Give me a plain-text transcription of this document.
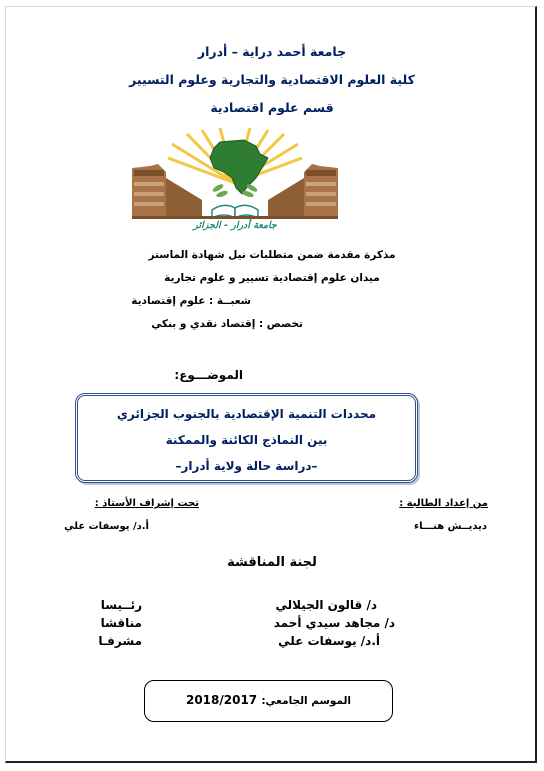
جامعة أحمد دراية – أدرار
كلية العلوم الاقتصادية والتجارية وعلوم التسيير
قسم علوم اقتصادية
جامعة أدرار - الجزائر
مذكرة مقدمة ضمن متطلبات نيل شهادة الماستر
ميدان علوم إقتصادية تسيير و علوم تجارية
شعبــة : علوم إقتصادية
تخصص : إقتصاد نقدي و بنكي
الموضـــوع:
محددات التنمية الإقتصادية بالجنوب الجزائري
بين النماذج الكائنة والممكنة
–دراسة حالة ولاية أدرار–
من إعداد الطالبة :
تحت إشراف الأستاذ :
ديديــش هنـــاء
أ.د/ يوسفات علي
لجنة المناقشة
د/ قالون الجيلالي
رئــيسا
د/ مجاهد سيدي أحمد
مناقشا
أ.د/ يوسفات علي
مشرفـا
الموسم الجامعي: 2018/2017
